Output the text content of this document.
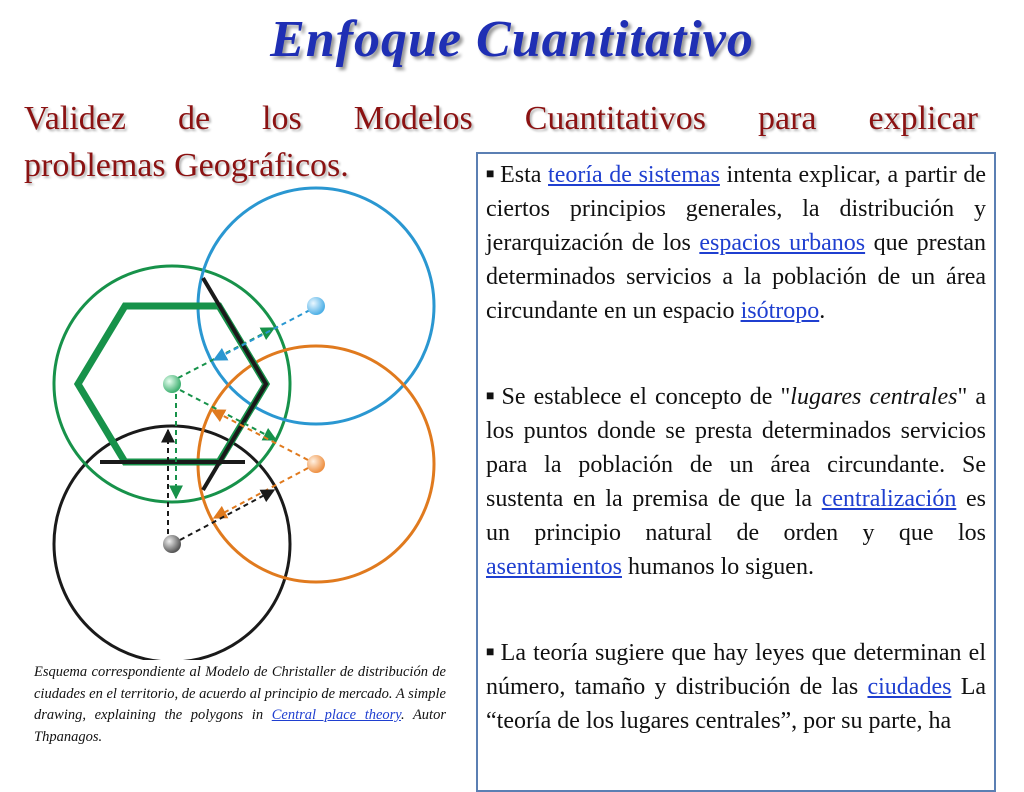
Enfoque Cuantitativo
Validez de los Modelos Cuantitativos para explicar
problemas Geográficos.	■ Esta teoría de sistemas intenta explicar, a partir de ciertos principios generales, la distribución y jerarquización de los espacios urbanos que prestan determinados servicios a la población de un área circundante en un espacio isótropo.
■ Se establece el concepto de "lugares centrales" a los puntos donde se presta determinados servicios para la población de un área circundante. Se sustenta en la premisa de que la centralización es un principio natural de orden y que los asentamientos humanos lo siguen.
■ La teoría sugiere que hay leyes que determinan el número, tamaño y distribución de las ciudades La “teoría de los lugares centrales”, por su parte, ha
Esquema correspondiente al Modelo de Christaller de distribución de ciudades en el territorio, de acuerdo al principio de mercado. A simple drawing, explaining the polygons in Central place theory. Autor Thpanagos.
